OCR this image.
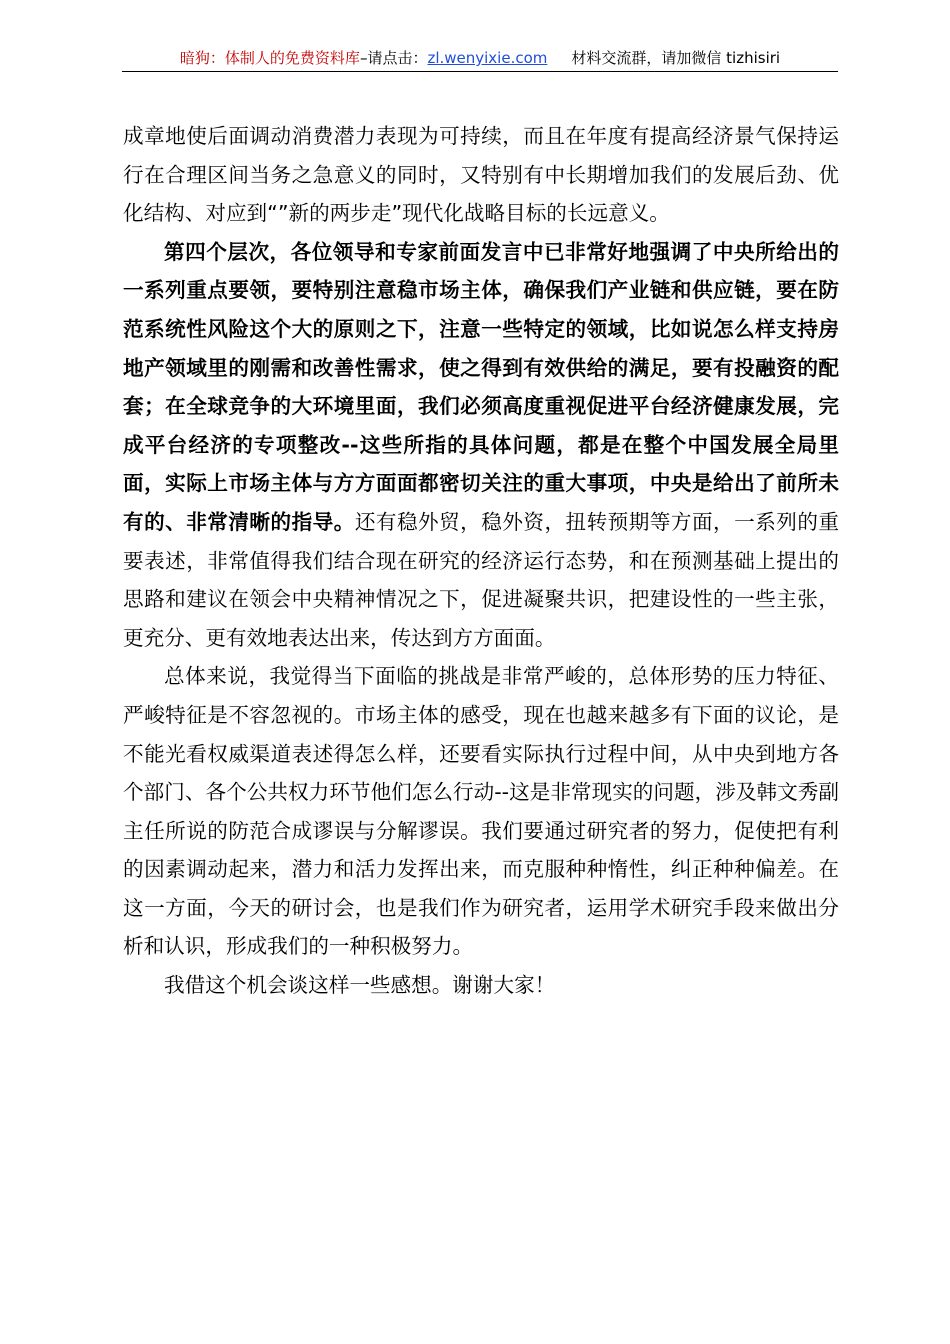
暗狗：体制人的免费资料库–请点击：zl.wenyixie.com 材料交流群，请加微信 tizhisiri

成章地使后面调动消费潜力表现为可持续，而且在年度有提高经济景气保持运行在合理区间当务之急意义的同时，又特别有中长期增加我们的发展后劲、优化结构、对应到“”新的两步走”现代化战略目标的长远意义。

第四个层次，各位领导和专家前面发言中已非常好地强调了中央所给出的一系列重点要领，要特别注意稳市场主体，确保我们产业链和供应链，要在防范系统性风险这个大的原则之下，注意一些特定的领域，比如说怎么样支持房地产领域里的刚需和改善性需求，使之得到有效供给的满足，要有投融资的配套；在全球竞争的大环境里面，我们必须高度重视促进平台经济健康发展，完成平台经济的专项整改--这些所指的具体问题，都是在整个中国发展全局里面，实际上市场主体与方方面面都密切关注的重大事项，中央是给出了前所未有的、非常清晰的指导。还有稳外贸，稳外资，扭转预期等方面，一系列的重要表述，非常值得我们结合现在研究的经济运行态势，和在预测基础上提出的思路和建议在领会中央精神情况之下，促进凝聚共识，把建设性的一些主张，更充分、更有效地表达出来，传达到方方面面。

总体来说，我觉得当下面临的挑战是非常严峻的，总体形势的压力特征、严峻特征是不容忽视的。市场主体的感受，现在也越来越多有下面的议论，是不能光看权威渠道表述得怎么样，还要看实际执行过程中间，从中央到地方各个部门、各个公共权力环节他们怎么行动--这是非常现实的问题，涉及韩文秀副主任所说的防范合成谬误与分解谬误。我们要通过研究者的努力，促使把有利的因素调动起来，潜力和活力发挥出来，而克服种种惰性，纠正种种偏差。在这一方面，今天的研讨会，也是我们作为研究者，运用学术研究手段来做出分析和认识，形成我们的一种积极努力。

我借这个机会谈这样一些感想。谢谢大家！
